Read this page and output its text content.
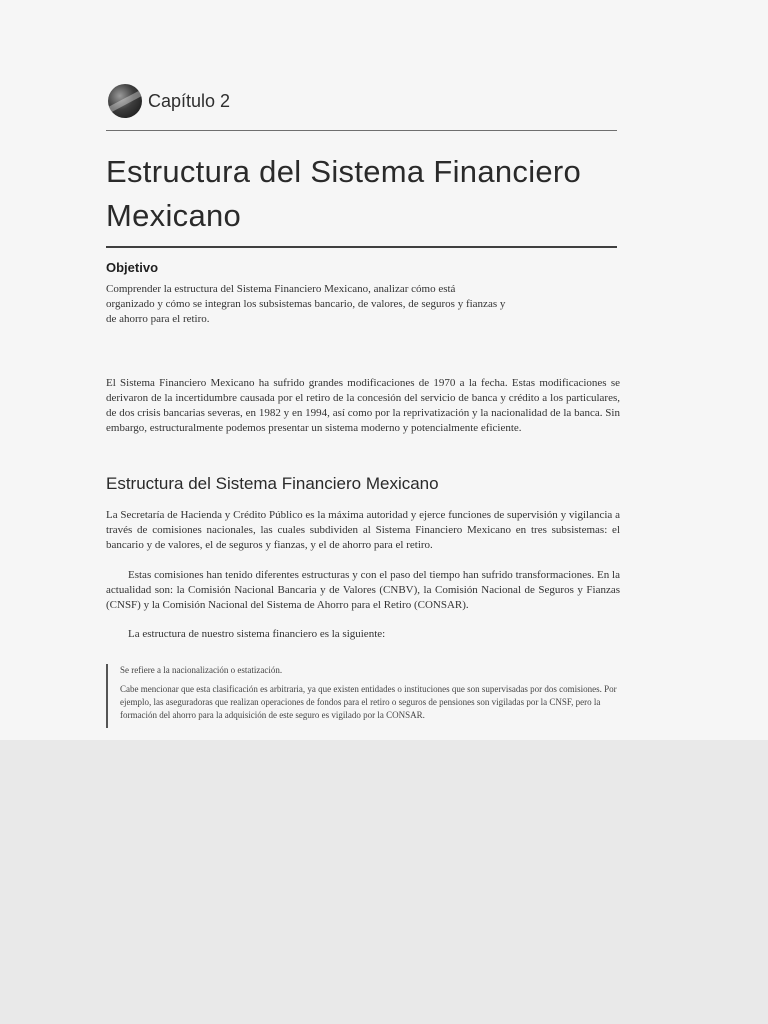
Capítulo 2
Estructura del Sistema Financiero Mexicano
Objetivo

Comprender la estructura del Sistema Financiero Mexicano, analizar cómo está organizado y cómo se integran los subsistemas bancario, de valores, de seguros y fianzas y de ahorro para el retiro.

El Sistema Financiero Mexicano ha sufrido grandes modificaciones de 1970 a la fecha. Estas modificaciones se derivaron de la incertidumbre causada por el retiro de la concesión del servicio de banca y crédito a los particulares, de dos crisis bancarias severas, en 1982 y en 1994, así como por la reprivatización y la nacionalidad de la banca. Sin embargo, estructuralmente podemos presentar un sistema moderno y potencialmente eficiente.

Estructura del Sistema Financiero Mexicano

La Secretaría de Hacienda y Crédito Público es la máxima autoridad y ejerce funciones de supervisión y vigilancia a través de comisiones nacionales, las cuales subdividen al Sistema Financiero Mexicano en tres subsistemas: el bancario y de valores, el de seguros y fianzas, y el de ahorro para el retiro.

Estas comisiones han tenido diferentes estructuras y con el paso del tiempo han sufrido transformaciones. En la actualidad son: la Comisión Nacional Bancaria y de Valores (CNBV), la Comisión Nacional de Seguros y Fianzas (CNSF) y la Comisión Nacional del Sistema de Ahorro para el Retiro (CONSAR).

La estructura de nuestro sistema financiero es la siguiente:

Se refiere a la nacionalización o estatización.

Cabe mencionar que esta clasificación es arbitraria, ya que existen entidades o instituciones que son supervisadas por dos comisiones. Por ejemplo, las aseguradoras que realizan operaciones de fondos para el retiro o seguros de pensiones son vigiladas por la CNSF, pero la formación del ahorro para la adquisición de este seguro es vigilado por la CONSAR.
